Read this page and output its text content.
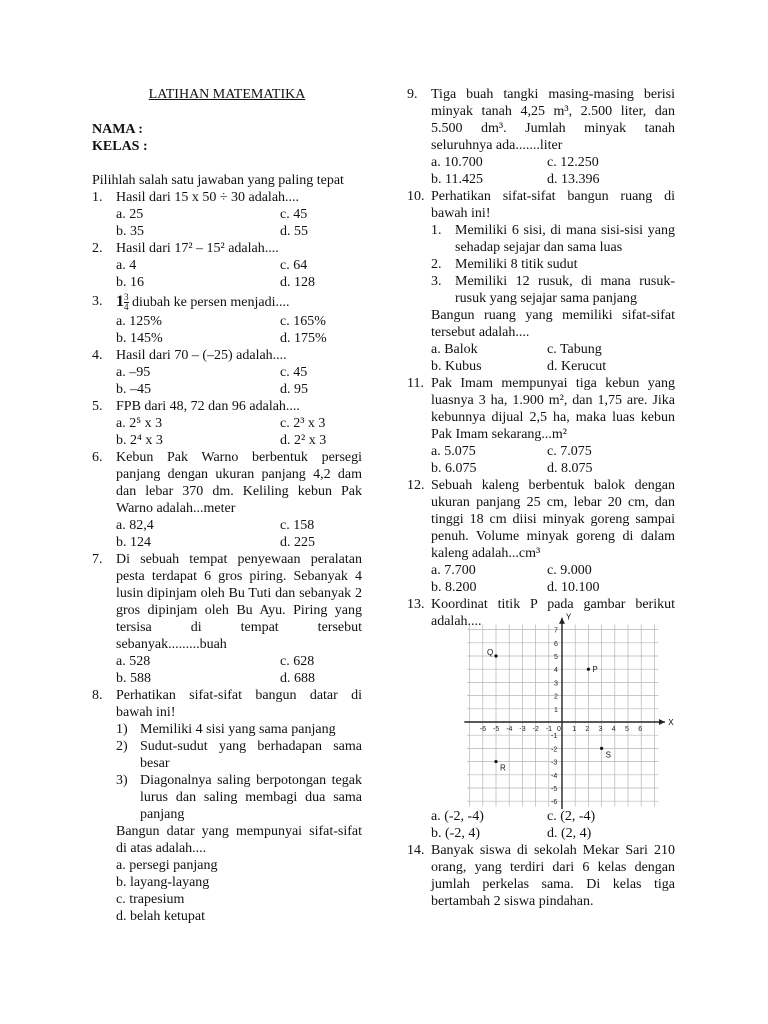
LATIHAN MATEMATIKA
NAMA :
KELAS :
Pilihlah salah satu jawaban yang paling tepat
1. Hasil dari 15 x 50 ÷ 30 adalah....
a. 25	c. 45
b. 35	d. 55
2. Hasil dari 17² – 15² adalah....
a. 4	c. 64
b. 16	d. 128
3. $1 \frac{3}{4}$ diubah ke persen menjadi....
a. 125%	c. 165%
b. 145%	d. 175%
4. Hasil dari 70 – (–25) adalah....
a. –95	c. 45
b. –45	d. 95
5. FPB dari 48, 72 dan 96 adalah....
a. 2⁵ x 3	c. 2³ x 3
b. 2⁴ x 3	d. 2² x 3
6. Kebun Pak Warno berbentuk persegi panjang dengan ukuran panjang 4,2 dam dan lebar 370 dm. Keliling kebun Pak Warno adalah...meter
a. 82,4	c. 158
b. 124	d. 225
7. Di sebuah tempat penyewaan peralatan pesta terdapat 6 gros piring. Sebanyak 4 lusin dipinjam oleh Bu Tuti dan sebanyak 2 gros dipinjam oleh Bu Ayu. Piring yang tersisa di tempat tersebut sebanyak.........buah
a. 528	c. 628
b. 588	d. 688
8. Perhatikan sifat-sifat bangun datar di bawah ini!
1) Memiliki 4 sisi yang sama panjang
2) Sudut-sudut yang berhadapan sama besar
3) Diagonalnya saling berpotongan tegak lurus dan saling membagi dua sama panjang
Bangun datar yang mempunyai sifat-sifat di atas adalah....
a. persegi panjang
b. layang-layang
c. trapesium
d. belah ketupat
9. Tiga buah tangki masing-masing berisi minyak tanah 4,25 m³, 2.500 liter, dan 5.500 dm³. Jumlah minyak tanah seluruhnya ada.......liter
a. 10.700	c. 12.250
b. 11.425	d. 13.396
10. Perhatikan sifat-sifat bangun ruang di bawah ini!
1. Memiliki 6 sisi, di mana sisi-sisi yang sehadap sejajar dan sama luas
2. Memiliki 8 titik sudut
3. Memiliki 12 rusuk, di mana rusuk-rusuk yang sejajar sama panjang
Bangun ruang yang memiliki sifat-sifat tersebut adalah....
a. Balok	c. Tabung
b. Kubus	d. Kerucut
11. Pak Imam mempunyai tiga kebun yang luasnya 3 ha, 1.900 m², dan 1,75 are. Jika kebunnya dijual 2,5 ha, maka luas kebun Pak Imam sekarang...m²
a. 5.075	c. 7.075
b. 6.075	d. 8.075
12. Sebuah kaleng berbentuk balok dengan ukuran panjang 25 cm, lebar 20 cm, dan tinggi 18 cm diisi minyak goreng sampai penuh. Volume minyak goreng di dalam kaleng adalah...cm³
a. 7.700	c. 9.000
b. 8.200	d. 10.100
13. Koordinat titik P pada gambar berikut adalah....
-6 -5 -4 -3 -2 -1 0 1 2 3 4 5 6
7
6
5
4
3
2
1
-1
-2
-3
-4
-5
-6
Q
P
R
S
X
Y
a. (-2, -4)	c. (2, -4)
b. (-2, 4)	d. (2, 4)
14. Banyak siswa di sekolah Mekar Sari 210 orang, yang terdiri dari 6 kelas dengan jumlah perkelas sama. Di kelas tiga bertambah 2 siswa pindahan.
